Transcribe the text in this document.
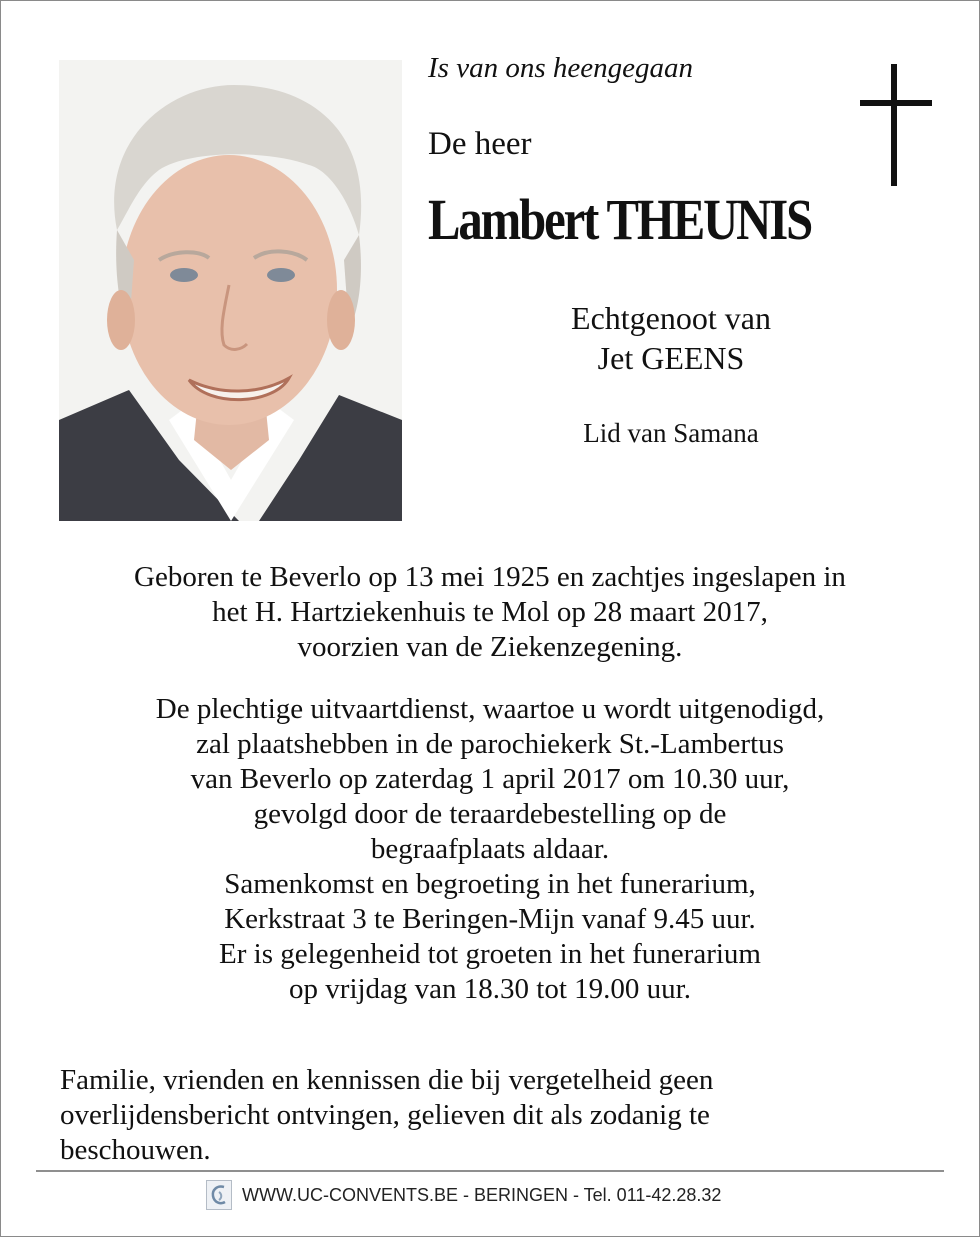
Is van ons heengegaan
De heer
Lambert THEUNIS
Echtgenoot van
Jet GEENS
Lid van Samana
Geboren te Beverlo op 13 mei 1925 en zachtjes ingeslapen in
het H. Hartziekenhuis te Mol op 28 maart 2017,
voorzien van de Ziekenzegening.
De plechtige uitvaartdienst, waartoe u wordt uitgenodigd,
zal plaatshebben in de parochiekerk St.-Lambertus
van Beverlo op zaterdag 1 april 2017 om 10.30 uur,
gevolgd door de teraardebestelling op de
begraafplaats aldaar.
Samenkomst en begroeting in het funerarium,
Kerkstraat 3 te Beringen-Mijn vanaf 9.45 uur.
Er is gelegenheid tot groeten in het funerarium
op vrijdag van 18.30 tot 19.00 uur.
Familie, vrienden en kennissen die bij vergetelheid geen
overlijdensbericht ontvingen, gelieven dit als zodanig te
beschouwen.
WWW.UC-CONVENTS.BE - BERINGEN - Tel. 011-42.28.32
